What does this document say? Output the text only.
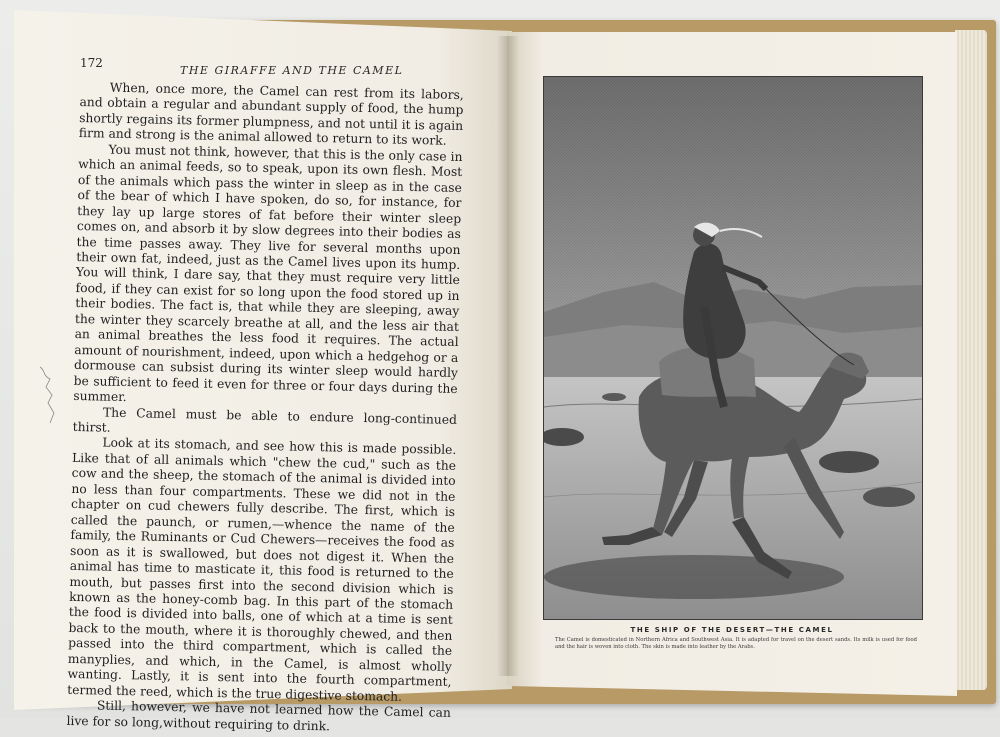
172
THE GIRAFFE AND THE CAMEL

When, once more, the Camel can rest from its labors, and obtain a regular and abundant supply of food, the hump shortly regains its former plumpness, and not until it is again firm and strong is the animal allowed to return to its work.

You must not think, however, that this is the only case in which an animal feeds, so to speak, upon its own flesh. Most of the animals which pass the winter in sleep as in the case of the bear of which I have spoken, do so, for instance, for they lay up large stores of fat before their winter sleep comes on, and absorb it by slow degrees into their bodies as the time passes away. They live for several months upon their own fat, indeed, just as the Camel lives upon its hump. You will think, I dare say, that they must require very little food, if they can exist for so long upon the food stored up in their bodies. The fact is, that while they are sleeping, away the winter they scarcely breathe at all, and the less air that an animal breathes the less food it requires. The actual amount of nourishment, indeed, upon which a hedgehog or a dormouse can subsist during its winter sleep would hardly be sufficient to feed it even for three or four days during the summer.

The Camel must be able to endure long-continued thirst.

Look at its stomach, and see how this is made possible. Like that of all animals which "chew the cud," such as the cow and the sheep, the stomach of the animal is divided into no less than four compartments. These we did not in the chapter on cud chewers fully describe. The first, which is called the paunch, or rumen,—whence the name of the family, the Ruminants or Cud Chewers—receives the food as soon as it is swallowed, but does not digest it. When the animal has time to masticate it, this food is returned to the mouth, but passes first into the second division which is known as the honey-comb bag. In this part of the stomach the food is divided into balls, one of which at a time is sent back to the mouth, where it is thoroughly chewed, and then passed into the third compartment, which is called the manyplies, and which, in the Camel, is almost wholly wanting. Lastly, it is sent into the fourth compartment, termed the reed, which is the true digestive stomach.

Still, however, we have not learned how the Camel can live for so long,without requiring to drink.

THE SHIP OF THE DESERT—THE CAMEL
The Camel is domesticated in Northern Africa and Southwest Asia. It is adapted for travel on the desert sands. Its milk is used for food and the hair is woven into cloth. The skin is made into leather by the Arabs.
